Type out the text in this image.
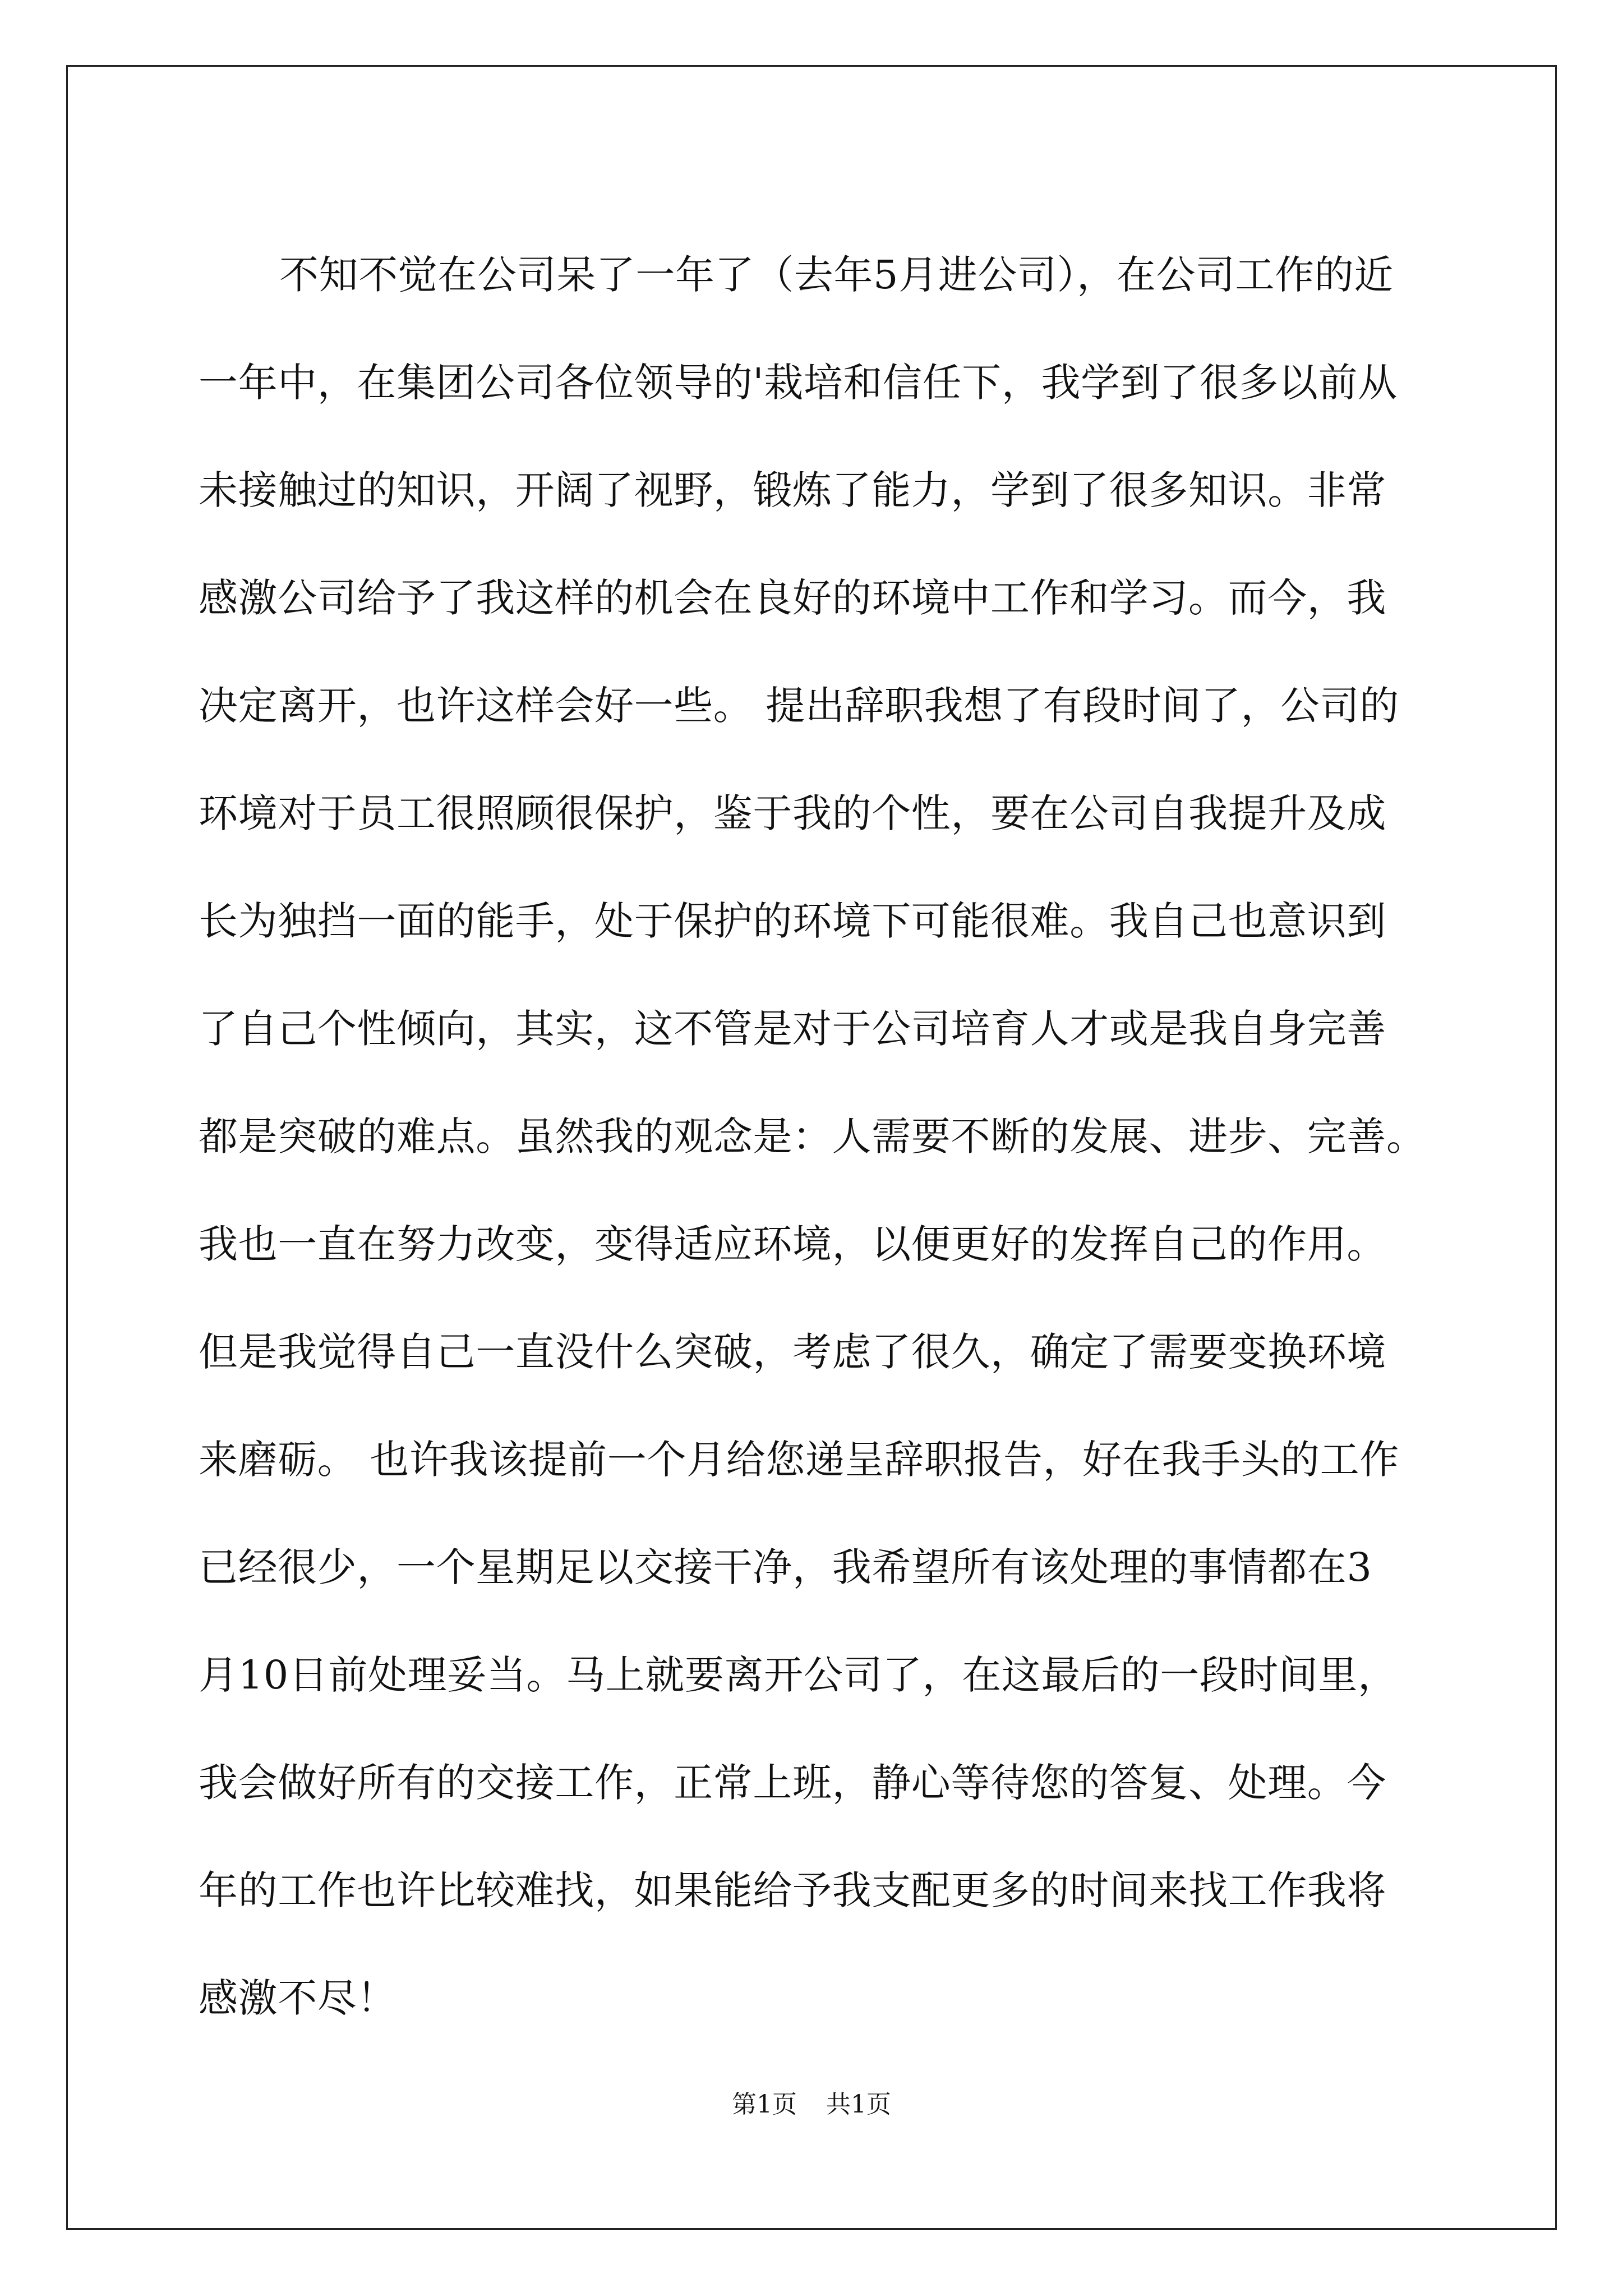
不知不觉在公司呆了一年了（去年5月进公司），在公司工作的近
一年中，在集团公司各位领导的'栽培和信任下，我学到了很多以前从
未接触过的知识，开阔了视野，锻炼了能力，学到了很多知识。非常
感激公司给予了我这样的机会在良好的环境中工作和学习。而今，我
决定离开，也许这样会好一些。 提出辞职我想了有段时间了，公司的
环境对于员工很照顾很保护，鉴于我的个性，要在公司自我提升及成
长为独挡一面的能手，处于保护的环境下可能很难。我自己也意识到
了自己个性倾向，其实，这不管是对于公司培育人才或是我自身完善
都是突破的难点。虽然我的观念是：人需要不断的发展、进步、完善。
我也一直在努力改变，变得适应环境，以便更好的发挥自己的作用。
但是我觉得自己一直没什么突破，考虑了很久，确定了需要变换环境
来磨砺。 也许我该提前一个月给您递呈辞职报告，好在我手头的工作
已经很少，一个星期足以交接干净，我希望所有该处理的事情都在3
月10日前处理妥当。马上就要离开公司了，在这最后的一段时间里，
我会做好所有的交接工作，正常上班，静心等待您的答复、处理。今
年的工作也许比较难找，如果能给予我支配更多的时间来找工作我将
感激不尽！
第1页 共1页
